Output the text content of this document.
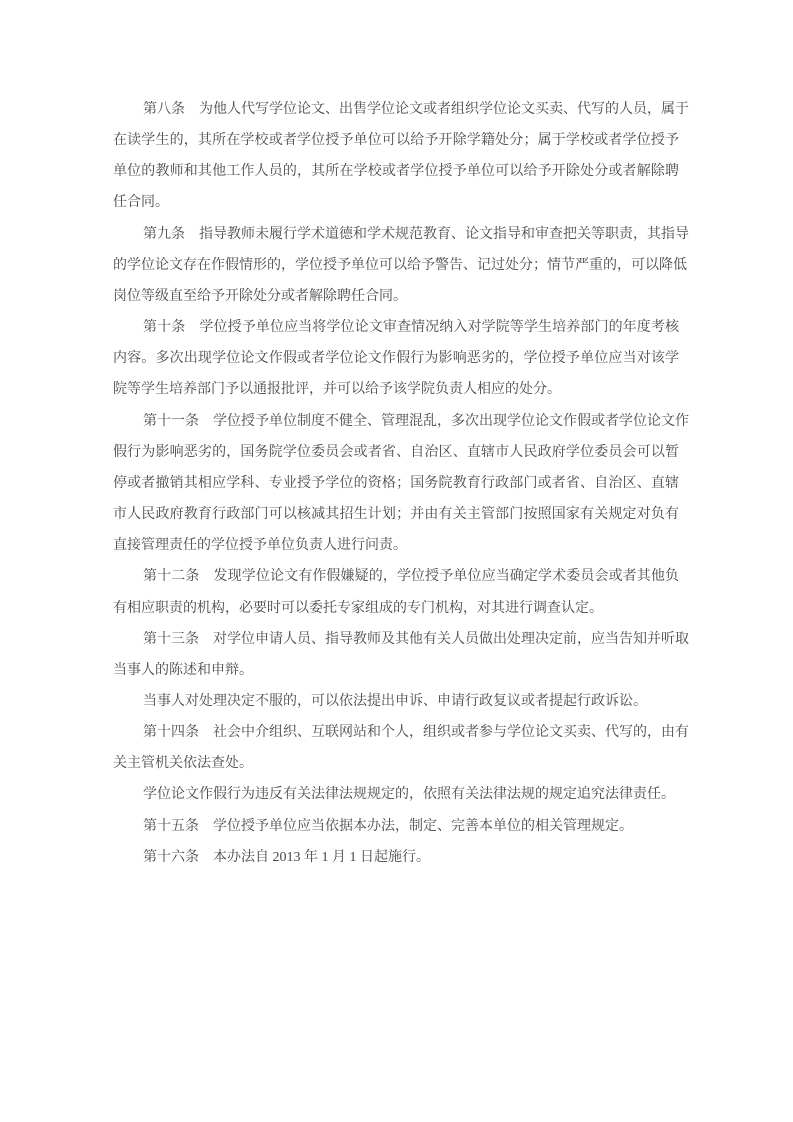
第八条　为他人代写学位论文、出售学位论文或者组织学位论文买卖、代写的人员，属于
在读学生的，其所在学校或者学位授予单位可以给予开除学籍处分；属于学校或者学位授予
单位的教师和其他工作人员的，其所在学校或者学位授予单位可以给予开除处分或者解除聘
任合同。
第九条　指导教师未履行学术道德和学术规范教育、论文指导和审查把关等职责，其指导
的学位论文存在作假情形的，学位授予单位可以给予警告、记过处分；情节严重的，可以降低
岗位等级直至给予开除处分或者解除聘任合同。
第十条　学位授予单位应当将学位论文审查情况纳入对学院等学生培养部门的年度考核
内容。多次出现学位论文作假或者学位论文作假行为影响恶劣的，学位授予单位应当对该学
院等学生培养部门予以通报批评，并可以给予该学院负责人相应的处分。
第十一条　学位授予单位制度不健全、管理混乱，多次出现学位论文作假或者学位论文作
假行为影响恶劣的，国务院学位委员会或者省、自治区、直辖市人民政府学位委员会可以暂
停或者撤销其相应学科、专业授予学位的资格；国务院教育行政部门或者省、自治区、直辖
市人民政府教育行政部门可以核减其招生计划；并由有关主管部门按照国家有关规定对负有
直接管理责任的学位授予单位负责人进行问责。
第十二条　发现学位论文有作假嫌疑的，学位授予单位应当确定学术委员会或者其他负
有相应职责的机构，必要时可以委托专家组成的专门机构，对其进行调查认定。
第十三条　对学位申请人员、指导教师及其他有关人员做出处理决定前，应当告知并听取
当事人的陈述和申辩。
当事人对处理决定不服的，可以依法提出申诉、申请行政复议或者提起行政诉讼。
第十四条　社会中介组织、互联网站和个人，组织或者参与学位论文买卖、代写的，由有
关主管机关依法查处。
学位论文作假行为违反有关法律法规规定的，依照有关法律法规的规定追究法律责任。
第十五条　学位授予单位应当依据本办法，制定、完善本单位的相关管理规定。
第十六条　本办法自 2013 年 1 月 1 日起施行。
